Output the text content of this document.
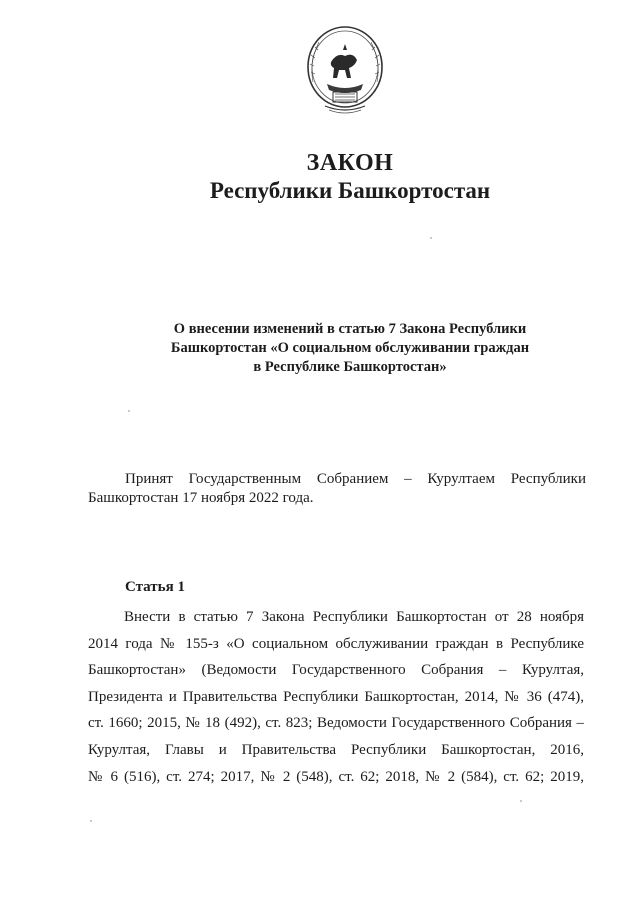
ЗАКОН
Республики Башкортостан
О внесении изменений в статью 7 Закона Республики
Башкортостан «О социальном обслуживании граждан
в Республике Башкортостан»
Принят Государственным Собранием – Курултаем Республики Башкортостан 17 ноября 2022 года.
Статья 1
Внести в статью 7 Закона Республики Башкортостан от 28 ноября
2014 года № 155-з «О социальном обслуживании граждан в Республике
Башкортостан» (Ведомости Государственного Собрания – Курултая,
Президента и Правительства Республики Башкортостан, 2014, № 36 (474),
ст. 1660; 2015, № 18 (492), ст. 823; Ведомости Государственного Собрания –
Курултая, Главы и Правительства Республики Башкортостан, 2016,
№ 6 (516), ст. 274; 2017, № 2 (548), ст. 62; 2018, № 2 (584), ст. 62; 2019,
